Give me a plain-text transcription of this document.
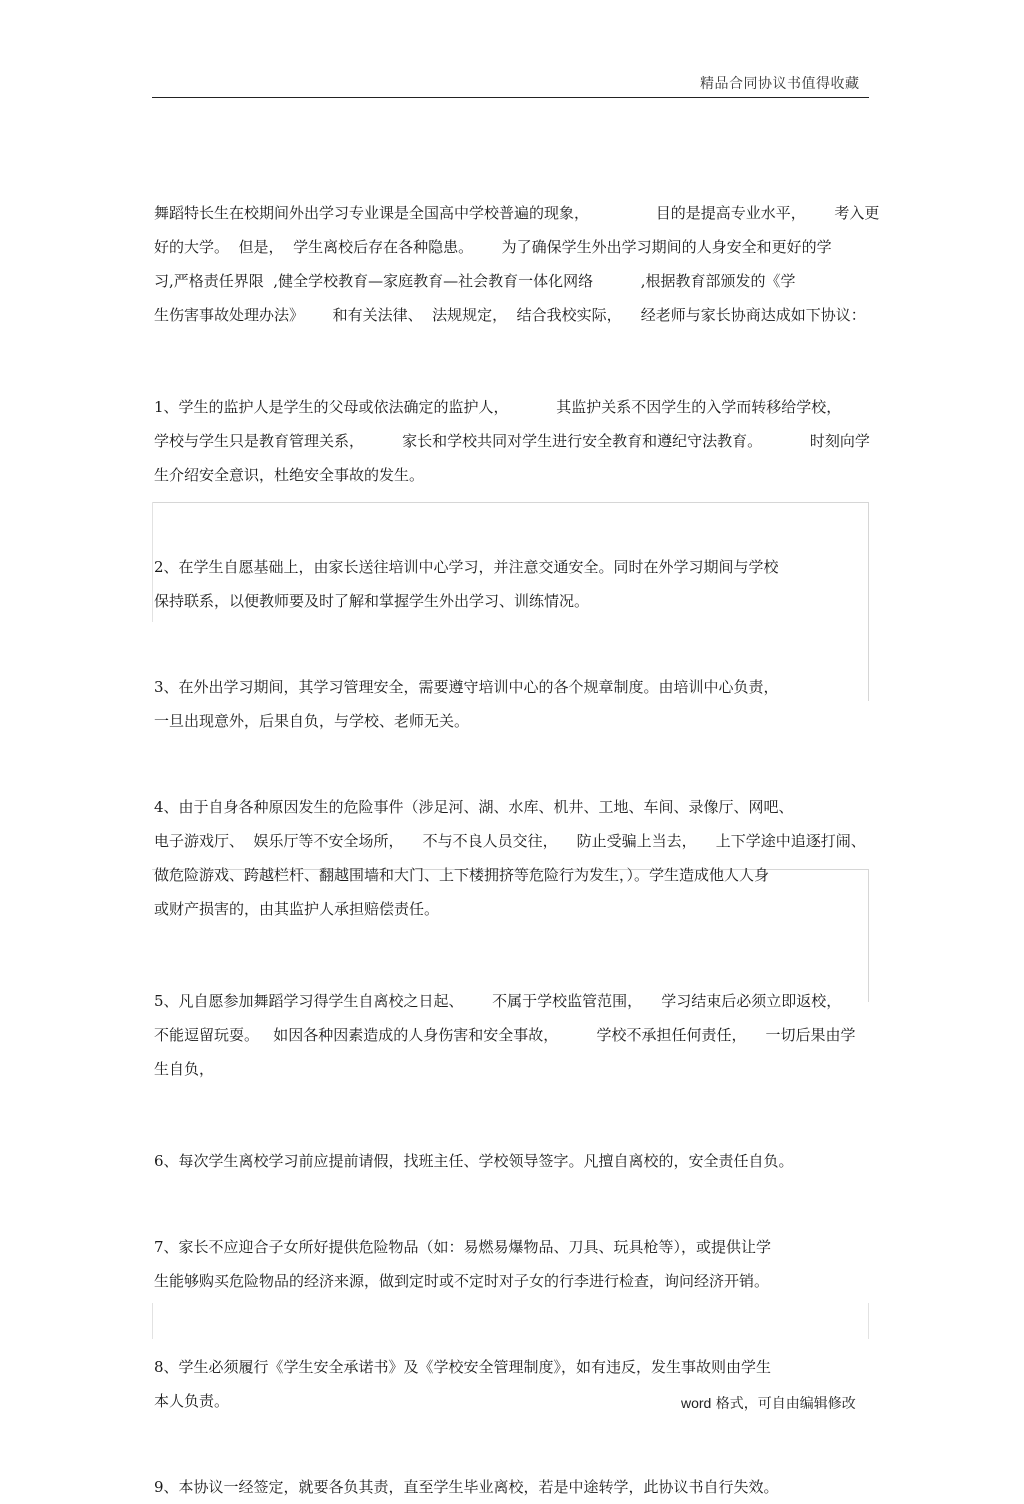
精品合同协议书值得收藏
舞蹈特长生在校期间外出学习专业课是全国高中学校普遍的现象，              目的是提高专业水平，      考入更
好的大学。  但是，  学生离校后存在各种隐患。      为了确保学生外出学习期间的人身安全和更好的学
习,严格责任界限  ,健全学校教育—家庭教育—社会教育一体化网络          ,根据教育部颁发的《学
生伤害事故处理办法》      和有关法律、  法规规定，  结合我校实际，    经老师与家长协商达成如下协议：
1、学生的监护人是学生的父母或依法确定的监护人，          其监护关系不因学生的入学而转移给学校，
学校与学生只是教育管理关系，        家长和学校共同对学生进行安全教育和遵纪守法教育。          时刻向学
生介绍安全意识，杜绝安全事故的发生。
2、在学生自愿基础上，由家长送往培训中心学习，并注意交通安全。同时在外学习期间与学校
保持联系，以便教师要及时了解和掌握学生外出学习、训练情况。
3、在外出学习期间，其学习管理安全，需要遵守培训中心的各个规章制度。由培训中心负责，
一旦出现意外，后果自负，与学校、老师无关。
4、由于自身各种原因发生的危险事件（涉足河、湖、水库、机井、工地、车间、录像厅、网吧、
电子游戏厅、  娱乐厅等不安全场所，    不与不良人员交往，    防止受骗上当去，    上下学途中追逐打闹、
做危险游戏、跨越栏杆、翻越围墙和大门、上下楼拥挤等危险行为发生，）。学生造成他人人身
或财产损害的，由其监护人承担赔偿责任。
5、凡自愿参加舞蹈学习得学生自离校之日起、      不属于学校监管范围，    学习结束后必须立即返校，
不能逗留玩耍。   如因各种因素造成的人身伤害和安全事故，        学校不承担任何责任，    一切后果由学
生自负，
6、每次学生离校学习前应提前请假，找班主任、学校领导签字。凡擅自离校的，安全责任自负。
7、家长不应迎合子女所好提供危险物品（如：易燃易爆物品、刀具、玩具枪等），或提供让学
生能够购买危险物品的经济来源，做到定时或不定时对子女的行李进行检查，询问经济开销。
8、学生必须履行《学生安全承诺书》及《学校安全管理制度》，如有违反，发生事故则由学生
本人负责。
9、本协议一经签定，就要各负其责，直至学生毕业离校，若是中途转学，此协议书自行失效。
word 格式，可自由编辑修改
